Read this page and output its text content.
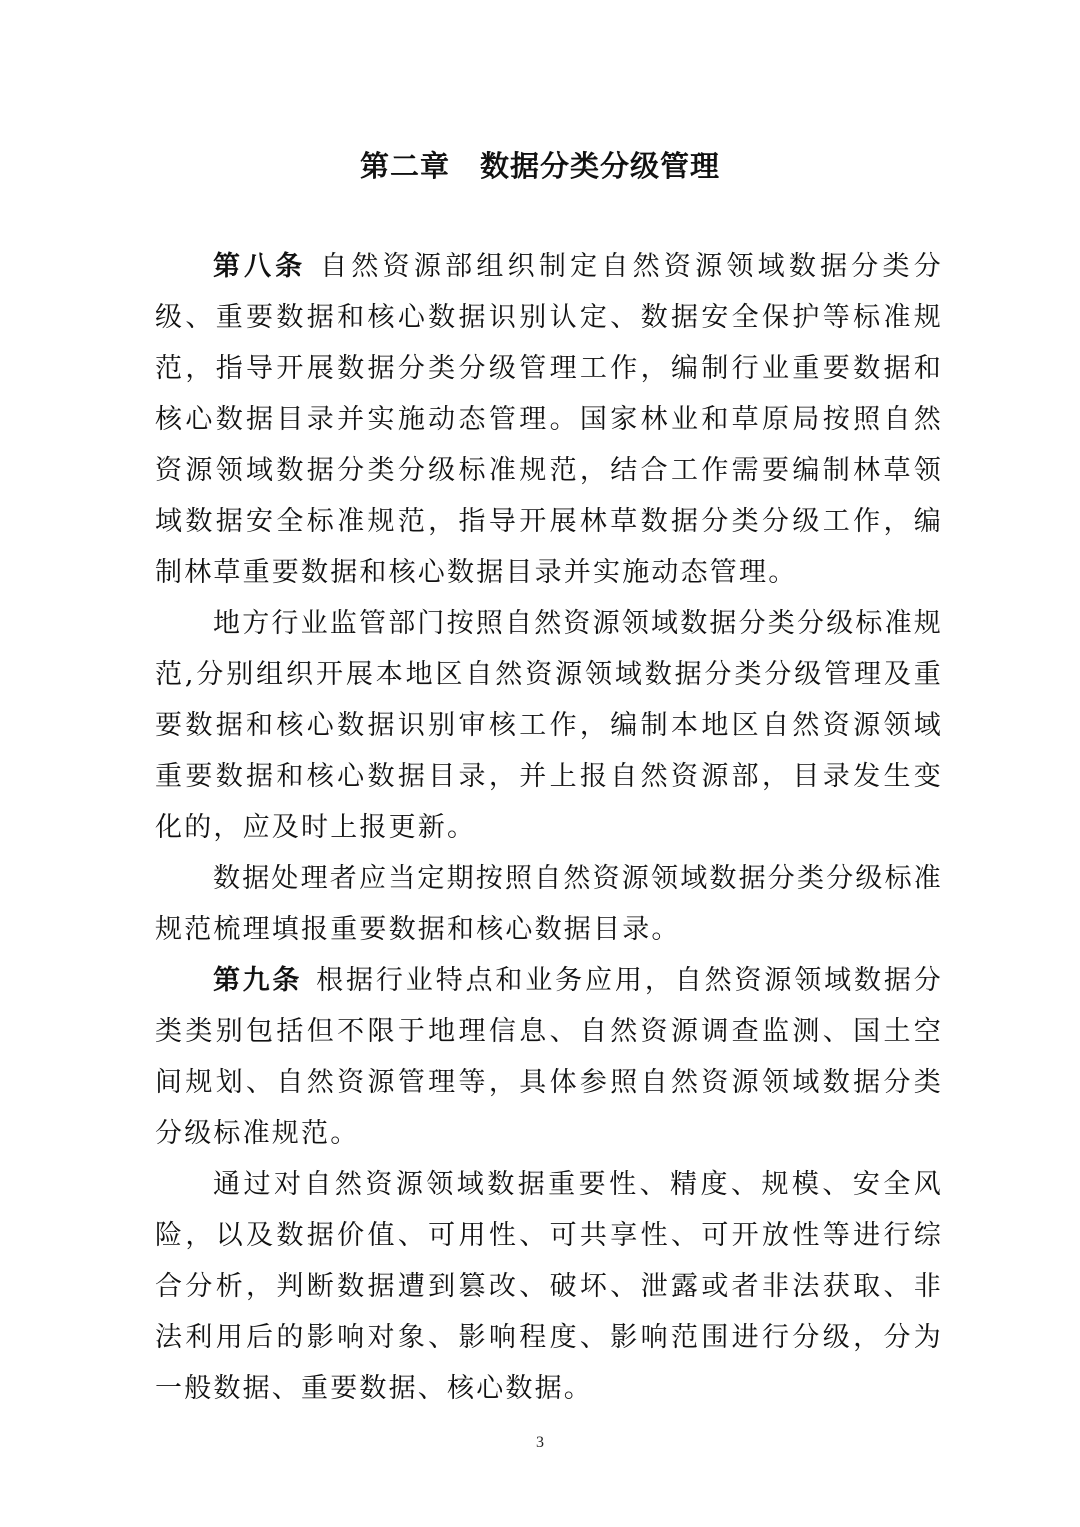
第二章　数据分类分级管理

第八条 自然资源部组织制定自然资源领域数据分类分级、重要数据和核心数据识别认定、数据安全保护等标准规范，指导开展数据分类分级管理工作，编制行业重要数据和核心数据目录并实施动态管理。国家林业和草原局按照自然资源领域数据分类分级标准规范，结合工作需要编制林草领域数据安全标准规范，指导开展林草数据分类分级工作，编制林草重要数据和核心数据目录并实施动态管理。

地方行业监管部门按照自然资源领域数据分类分级标准规范,分别组织开展本地区自然资源领域数据分类分级管理及重要数据和核心数据识别审核工作，编制本地区自然资源领域重要数据和核心数据目录，并上报自然资源部，目录发生变化的，应及时上报更新。

数据处理者应当定期按照自然资源领域数据分类分级标准规范梳理填报重要数据和核心数据目录。

第九条 根据行业特点和业务应用，自然资源领域数据分类类别包括但不限于地理信息、自然资源调查监测、国土空间规划、自然资源管理等，具体参照自然资源领域数据分类分级标准规范。

通过对自然资源领域数据重要性、精度、规模、安全风险，以及数据价值、可用性、可共享性、可开放性等进行综合分析，判断数据遭到篡改、破坏、泄露或者非法获取、非法利用后的影响对象、影响程度、影响范围进行分级，分为一般数据、重要数据、核心数据。

3
